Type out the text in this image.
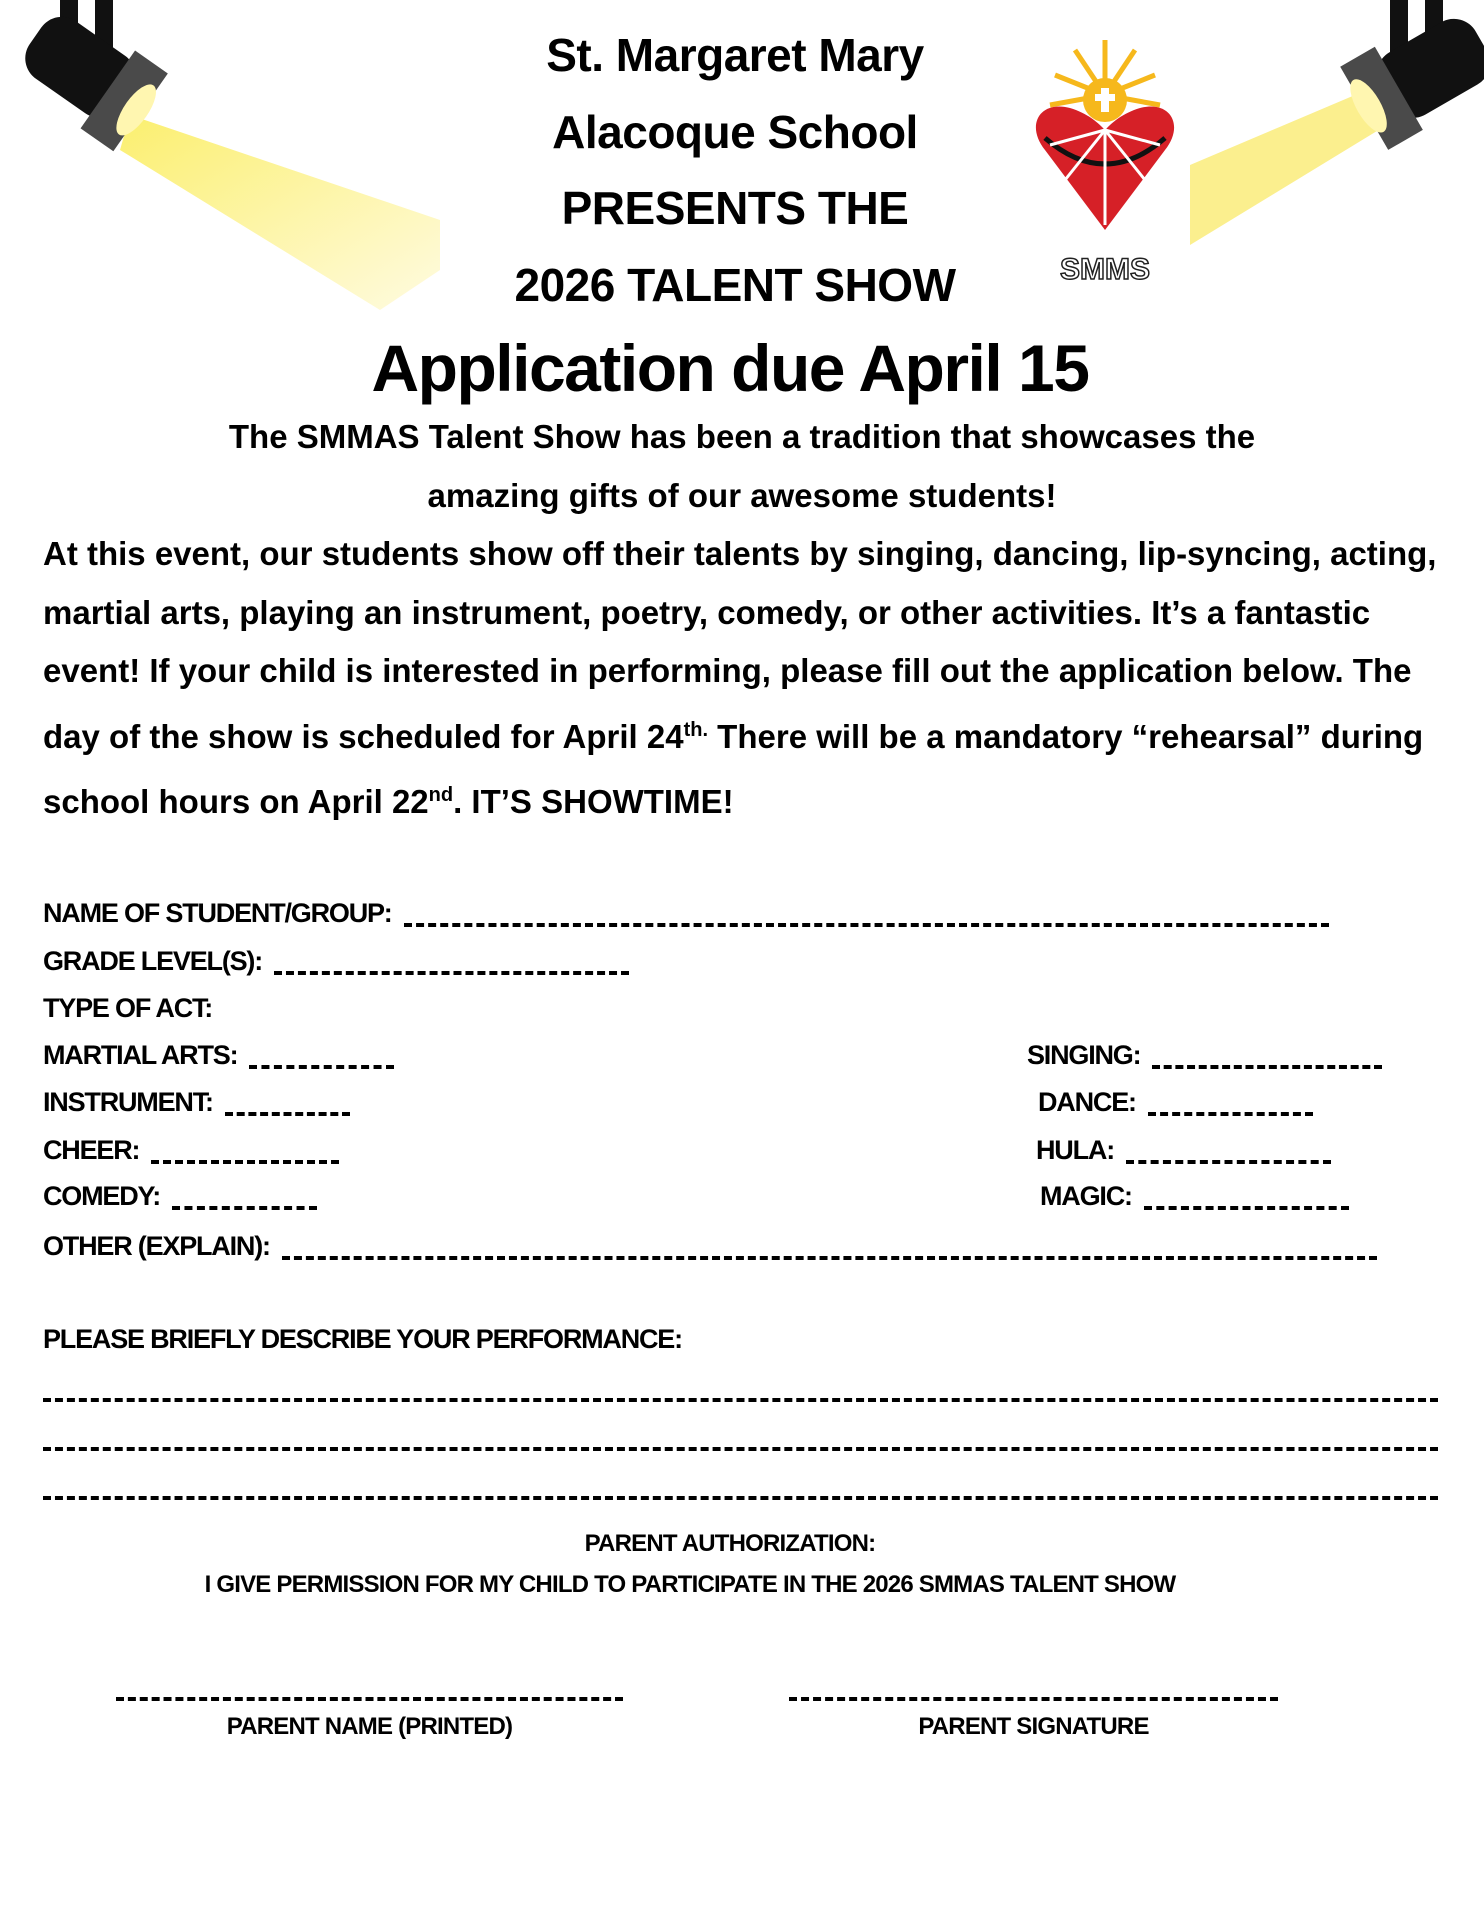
SMMS
St. Margaret Mary
Alacoque School
PRESENTS THE
2026 TALENT SHOW
Application due April 15
The SMMAS Talent Show has been a tradition that showcases the
amazing gifts of our awesome students!
At this event, our students show off their talents by singing, dancing, lip-syncing, acting, martial arts, playing an instrument, poetry, comedy, or other activities. It’s a fantastic event! If your child is interested in performing, please fill out the application below. The day of the show is scheduled for April $24^{th.}$ There will be a mandatory “rehearsal” during school hours on April 22nd. IT’S SHOWTIME!
NAME OF STUDENT/GROUP:
GRADE LEVEL(S):
TYPE OF ACT:
MARTIAL ARTS:
INSTRUMENT:
CHEER:
COMEDY:
SINGING:
DANCE:
HULA:
MAGIC:
OTHER (EXPLAIN):
PLEASE BRIEFLY DESCRIBE YOUR PERFORMANCE:
PARENT AUTHORIZATION:
I GIVE PERMISSION FOR MY CHILD TO PARTICIPATE IN THE 2026 SMMAS TALENT SHOW
PARENT NAME (PRINTED)	PARENT SIGNATURE
